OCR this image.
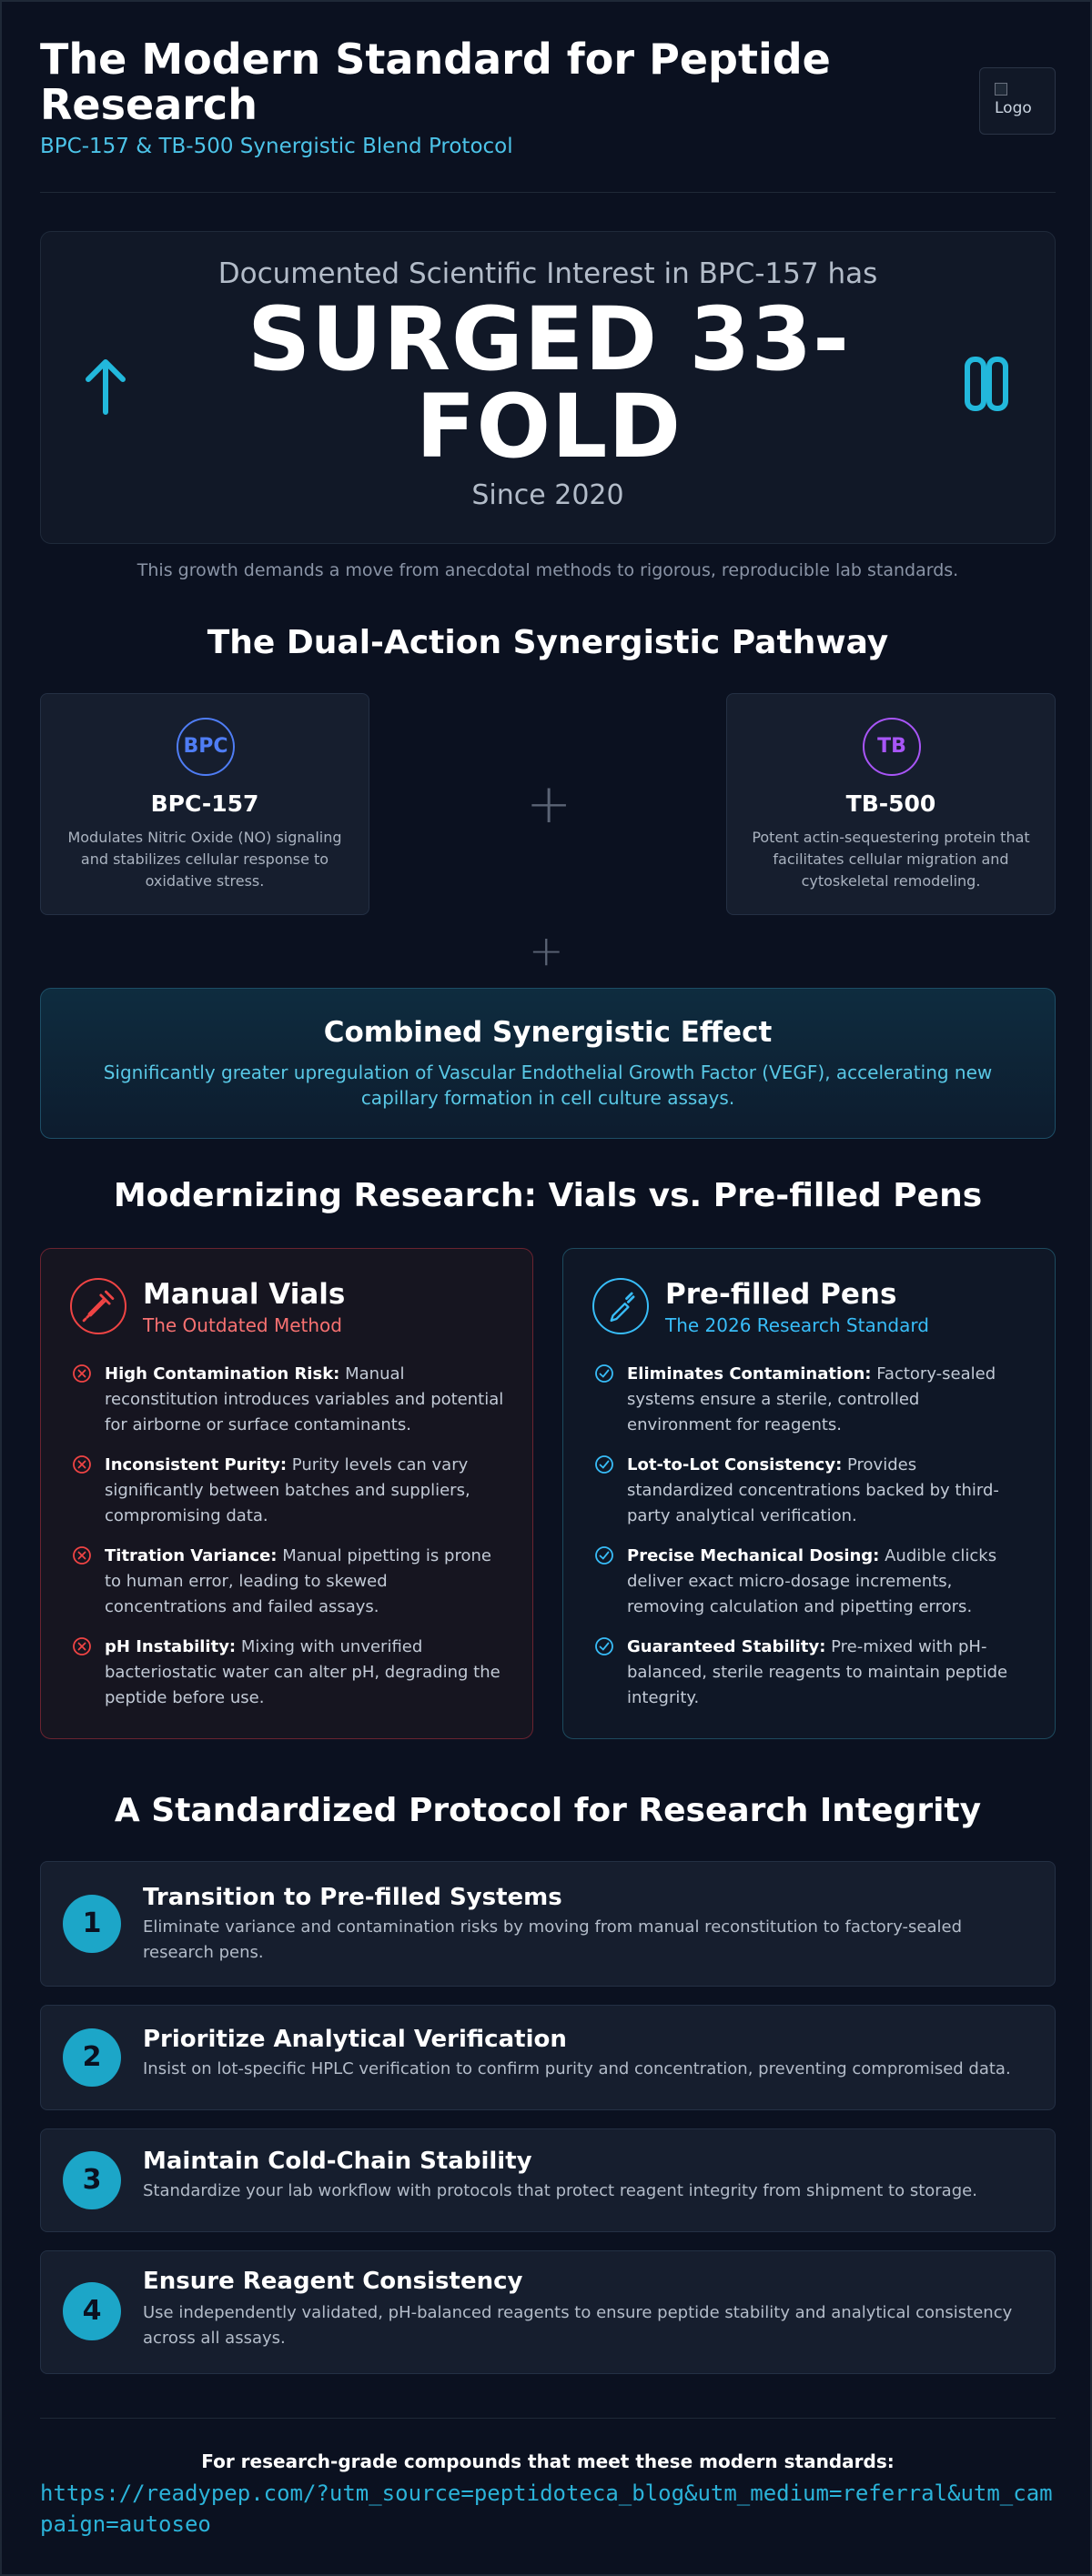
The Modern Standard for Peptide Research
BPC-157 & TB-500 Synergistic Blend Protocol
Logo
Documented Scientific Interest in BPC-157 has
SURGED 33-FOLD
Since 2020
This growth demands a move from anecdotal methods to rigorous, reproducible lab standards.
The Dual-Action Synergistic Pathway
BPC
BPC-157
Modulates Nitric Oxide (NO) signaling and stabilizes cellular response to oxidative stress.
+
TB
TB-500
Potent actin-sequestering protein that facilitates cellular migration and cytoskeletal remodeling.
+
Combined Synergistic Effect
Significantly greater upregulation of Vascular Endothelial Growth Factor (VEGF), accelerating new capillary formation in cell culture assays.
Modernizing Research: Vials vs. Pre-filled Pens
Manual Vials
The Outdated Method
High Contamination Risk: Manual reconstitution introduces variables and potential for airborne or surface contaminants.
Inconsistent Purity: Purity levels can vary significantly between batches and suppliers, compromising data.
Titration Variance: Manual pipetting is prone to human error, leading to skewed concentrations and failed assays.
pH Instability: Mixing with unverified bacteriostatic water can alter pH, degrading the peptide before use.
Pre-filled Pens
The 2026 Research Standard
Eliminates Contamination: Factory-sealed systems ensure a sterile, controlled environment for reagents.
Lot-to-Lot Consistency: Provides standardized concentrations backed by third-party analytical verification.
Precise Mechanical Dosing: Audible clicks deliver exact micro-dosage increments, removing calculation and pipetting errors.
Guaranteed Stability: Pre-mixed with pH-balanced, sterile reagents to maintain peptide integrity.
A Standardized Protocol for Research Integrity
1
Transition to Pre-filled Systems
Eliminate variance and contamination risks by moving from manual reconstitution to factory-sealed research pens.
2
Prioritize Analytical Verification
Insist on lot-specific HPLC verification to confirm purity and concentration, preventing compromised data.
3
Maintain Cold-Chain Stability
Standardize your lab workflow with protocols that protect reagent integrity from shipment to storage.
4
Ensure Reagent Consistency
Use independently validated, pH-balanced reagents to ensure peptide stability and analytical consistency across all assays.
For research-grade compounds that meet these modern standards:
https://readypep.com/?utm_source=peptidoteca_blog&utm_medium=referral&utm_campaign=autoseo
